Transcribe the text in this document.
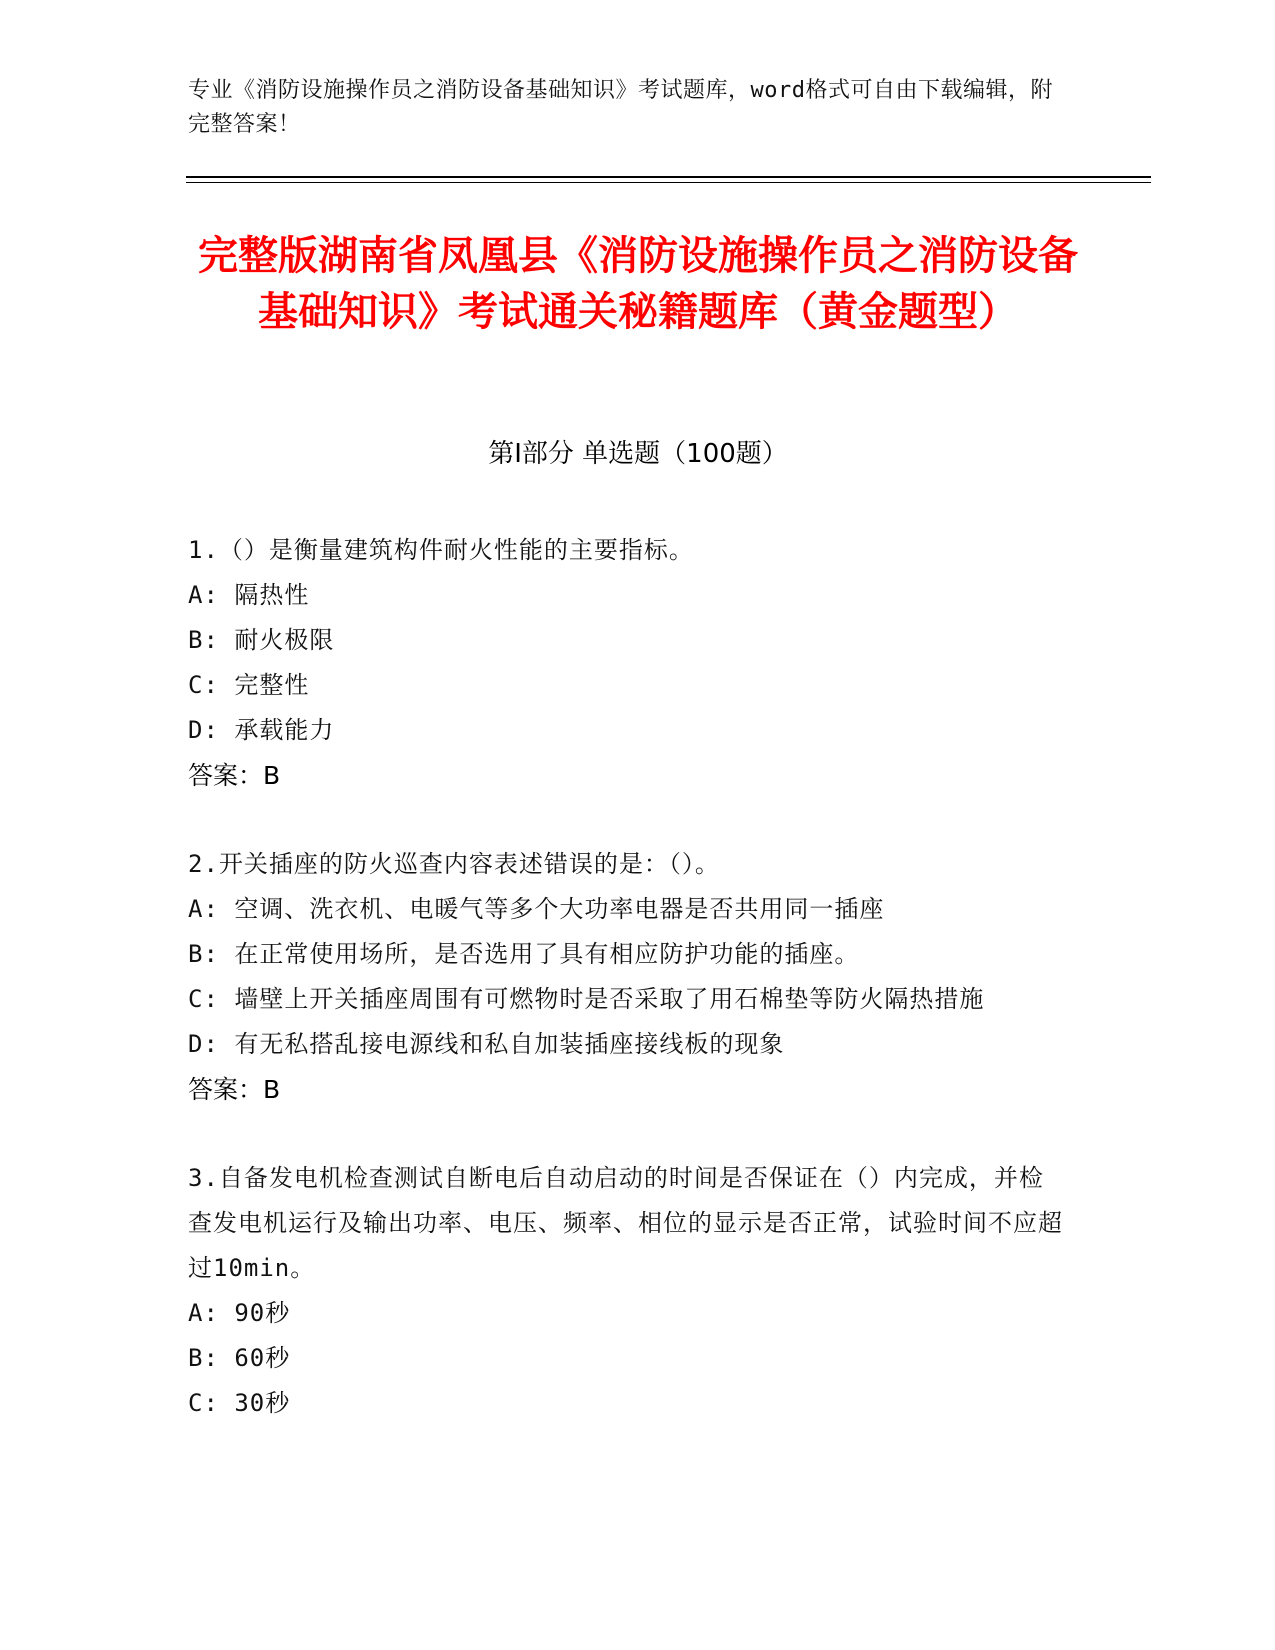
专业《消防设施操作员之消防设备基础知识》考试题库，word格式可自由下载编辑，附完整答案！
完整版湖南省凤凰县《消防设施操作员之消防设备基础知识》考试通关秘籍题库（黄金题型）
第I部分 单选题（100题）
1.（）是衡量建筑构件耐火性能的主要指标。
A: 隔热性
B: 耐火极限
C: 完整性
D: 承载能力
答案：B
2.开关插座的防火巡查内容表述错误的是：（）。
A: 空调、洗衣机、电暖气等多个大功率电器是否共用同一插座
B: 在正常使用场所，是否选用了具有相应防护功能的插座。
C: 墙壁上开关插座周围有可燃物时是否采取了用石棉垫等防火隔热措施
D: 有无私搭乱接电源线和私自加装插座接线板的现象
答案：B
3.自备发电机检查测试自断电后自动启动的时间是否保证在（）内完成，并检查发电机运行及输出功率、电压、频率、相位的显示是否正常，试验时间不应超过10min。
A: 90秒
B: 60秒
C: 30秒
